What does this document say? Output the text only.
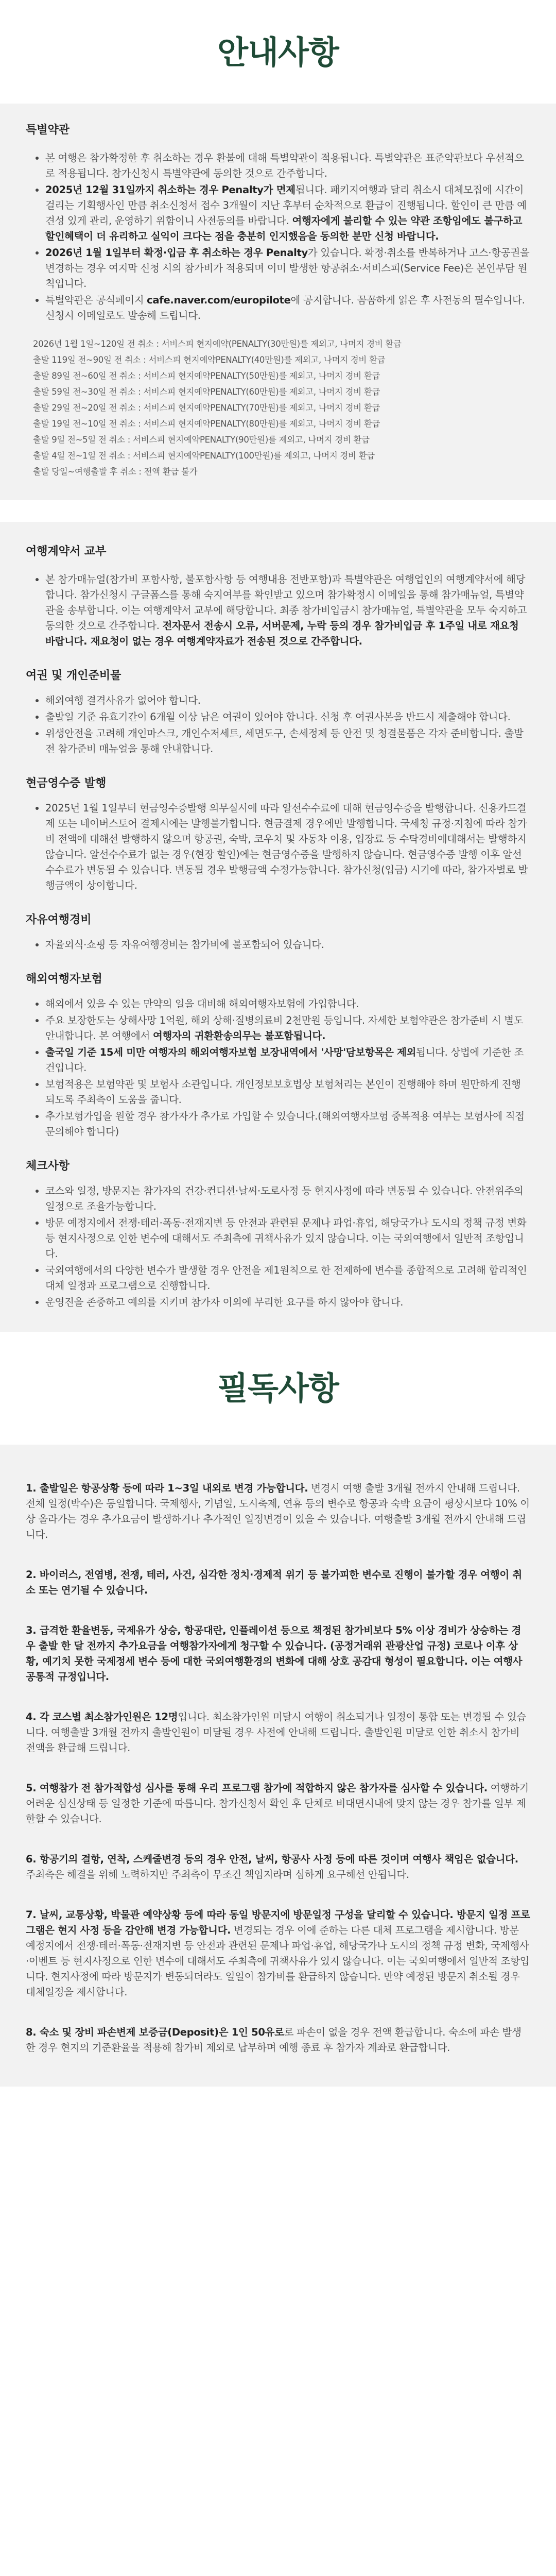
안내사항
특별약관
• 본 여행은 참가확정한 후 취소하는 경우 환불에 대해 특별약관이 적용됩니다. 특별약관은 표준약관보다 우선적으로 적용됩니다. 참가신청시 특별약관에 동의한 것으로 간주합니다.
• 2025년 12월 31일까지 취소하는 경우 Penalty가 면제됩니다. 패키지여행과 달리 취소시 대체모집에 시간이 걸리는 기획행사인 만큼 취소신청서 접수 3개월이 지난 후부터 순차적으로 환급이 진행됩니다. 할인이 큰 만큼 예견성 있게 관리, 운영하기 위함이니 사전동의를 바랍니다. 여행자에게 불리할 수 있는 약관 조항임에도 불구하고 할인혜택이 더 유리하고 실익이 크다는 점을 충분히 인지했음을 동의한 분만 신청 바랍니다.
• 2026년 1월 1일부터 확정·입금 후 취소하는 경우 Penalty가 있습니다. 확정·취소를 반복하거나 고스·항공권을 변경하는 경우 여지막 신청 시의 참가비가 적용되며 이미 발생한 항공취소·서비스피(Service Fee)은 본인부담 원칙입니다.
• 특별약관은 공식페이지 cafe.naver.com/europilote에 공지합니다. 꼼꼼하게 읽은 후 사전동의 필수입니다. 신청시 이메일로도 발송해 드립니다.
2026년 1월 1일~120일 전 취소 : 서비스피 현지예약(PENALTY(30만원)를 제외고, 나머지 경비 환급
출발 119일 전~90일 전 취소 : 서비스피 현지예약PENALTY(40만원)를 제외고, 나머지 경비 환급
출발 89일 전~60일 전 취소 : 서비스피 현지예약PENALTY(50만원)를 제외고, 나머지 경비 환급
출발 59일 전~30일 전 취소 : 서비스피 현지예약PENALTY(60만원)를 제외고, 나머지 경비 환급
출발 29일 전~20일 전 취소 : 서비스피 현지예약PENALTY(70만원)를 제외고, 나머지 경비 환급
출발 19일 전~10일 전 취소 : 서비스피 현지예약PENALTY(80만원)를 제외고, 나머지 경비 환급
출발 9일 전~5일 전 취소 : 서비스피 현지예약PENALTY(90만원)를 제외고, 나머지 경비 환급
출발 4일 전~1일 전 취소 : 서비스피 현지예약PENALTY(100만원)를 제외고, 나머지 경비 환급
출발 당일~여행출발 후 취소 : 전액 환급 불가
여행계약서 교부
• 본 참가매뉴얼(참가비 포함사항, 불포함사항 등 여행내용 전반포함)과 특별약관은 여행업인의 여행계약서에 해당합니다. 참가신청시 구글폼스를 통해 숙지여부를 확인받고 있으며 참가확정시 이메일을 통해 참가매뉴얼, 특별약관을 송부합니다. 이는 여행계약서 교부에 해당합니다. 최종 참가비입금시 참가매뉴얼, 특별약관을 모두 숙지하고 동의한 것으로 간주합니다. 전자문서 전송시 오류, 서버문제, 누락 등의 경우 참가비입금 후 1주일 내로 재요청 바랍니다. 재요청이 없는 경우 여행계약자료가 전송된 것으로 간주합니다.
여권 및 개인준비물
• 해외여행 결격사유가 없어야 합니다.
• 출발일 기준 유효기간이 6개월 이상 남은 여권이 있어야 합니다. 신청 후 여권사본을 반드시 제출해야 합니다.
• 위생안전을 고려해 개인마스크, 개인수저세트, 세면도구, 손세정제 등 안전 및 청결물품은 각자 준비합니다. 출발 전 참가준비 매뉴얼을 통해 안내합니다.
현금영수증 발행
• 2025년 1월 1일부터 현금영수증발행 의무실시에 따라 알선수수료에 대해 현금영수증을 발행합니다. 신용카드결제 또는 네이버스토어 결제시에는 발행불가합니다. 현금결제 경우에만 발행합니다. 국세청 규정·지침에 따라 참가비 전액에 대해선 발행하지 않으며 항공권, 숙박, 코우치 및 자동차 이용, 입장료 등 수탁경비에대해서는 발행하지 않습니다. 알선수수료가 없는 경우(현장 할인)에는 현금영수증을 발행하지 않습니다. 현금영수증 발행 이후 알선수수료가 변동될 수 있습니다. 변동될 경우 발행금액 수정가능합니다. 참가신청(입금) 시기에 따라, 참가자별로 발행금액이 상이합니다.
자유여행경비
• 자율외식·쇼핑 등 자유여행경비는 참가비에 불포함되어 있습니다.
해외여행자보험
• 해외에서 있을 수 있는 만약의 일을 대비해 해외여행자보험에 가입합니다.
• 주요 보장한도는 상해사망 1억원, 해외 상해·질병의료비 2천만원 등입니다. 자세한 보험약관은 참가준비 시 별도 안내합니다. 본 여행에서 여행자의 귀환환송의무는 불포함됩니다.
• 출국일 기준 15세 미만 여행자의 해외여행자보험 보장내역에서 '사망'담보항목은 제외됩니다. 상법에 기준한 조건입니다.
• 보험적용은 보험약관 및 보험사 소관입니다. 개인정보보호법상 보험처리는 본인이 진행해야 하며 원만하게 진행되도록 주최측이 도움을 줍니다.
• 추가보험가입을 원할 경우 참가자가 추가로 가입할 수 있습니다.(해외여행자보험 중복적용 여부는 보험사에 직접 문의해야 합니다)
체크사항
• 코스와 일정, 방문지는 참가자의 건강·컨디션·날씨·도로사정 등 현지사정에 따라 변동될 수 있습니다. 안전위주의 일정으로 조율가능합니다.
• 방문 예정지에서 전쟁·테러·폭동·전재지변 등 안전과 관련된 문제나 파업·휴업, 해당국가나 도시의 정책 규정 변화 등 현지사정으로 인한 변수에 대해서도 주최측에 귀책사유가 있지 않습니다. 이는 국외여행에서 일반적 조항입니다.
• 국외여행에서의 다양한 변수가 발생할 경우 안전을 제1원칙으로 한 전제하에 변수를 종합적으로 고려해 합리적인 대체 일정과 프로그램으로 진행합니다.
• 운영진을 존중하고 예의를 지키며 참가자 이외에 무리한 요구를 하지 않아야 합니다.
필독사항

1. 출발일은 항공상황 등에 따라 1~3일 내외로 변경 가능합니다. 변경시 여행 출발 3개월 전까지 안내해 드립니다. 전체 일정(박수)은 동일합니다. 국제행사, 기념일, 도시축제, 연휴 등의 변수로 항공과 숙박 요금이 평상시보다 10% 이상 올라가는 경우 추가요금이 발생하거나 추가적인 일정변경이 있을 수 있습니다. 여행출발 3개월 전까지 안내해 드립니다.

2. 바이러스, 전염병, 전쟁, 테러, 사건, 심각한 정치·경제적 위기 등 불가피한 변수로 진행이 불가할 경우 여행이 취소 또는 연기될 수 있습니다.

3. 급격한 환율변동, 국제유가 상승, 항공대란, 인플레이션 등으로 책정된 참가비보다 5% 이상 경비가 상승하는 경우 출발 한 달 전까지 추가요금을 여행참가자에게 청구할 수 있습니다. (공정거래위 관광산업 규정) 코로나 이후 상황, 예기치 못한 국제정세 변수 등에 대한 국외여행환경의 변화에 대해 상호 공감대 형성이 필요합니다. 이는 여행사 공통적 규정입니다.

4. 각 코스별 최소참가인원은 12명입니다. 최소참가인원 미달시 여행이 취소되거나 일정이 통합 또는 변경될 수 있습니다. 여행출발 3개월 전까지 출발인원이 미달될 경우 사전에 안내해 드립니다. 출발인원 미달로 인한 취소시 참가비 전액을 환급해 드립니다.

5. 여행참가 전 참가적합성 심사를 통해 우리 프로그램 참가에 적합하지 않은 참가자를 심사할 수 있습니다. 여행하기 어려운 심신상태 등 일정한 기준에 따릅니다. 참가신청서 확인 후 단체로 비대면시내에 맞지 않는 경우 참가를 일부 제한할 수 있습니다.

6. 항공기의 결항, 연착, 스케줄변경 등의 경우 안전, 날씨, 항공사 사정 등에 따른 것이며 여행사 책임은 없습니다. 주최측은 해결을 위해 노력하지만 주최측이 무조건 책임지라며 심하게 요구해선 안됩니다.

7. 날씨, 교통상황, 박물관 예약상황 등에 따라 동일 방문지에 방문일정 구성을 달리할 수 있습니다. 방문지 일정 프로그램은 현지 사정 등을 감안해 변경 가능합니다. 변경되는 경우 이에 준하는 다른 대체 프로그램을 제시합니다. 방문 예정지에서 전쟁·테러·폭동·전재지변 등 안전과 관련된 문제나 파업·휴업, 해당국가나 도시의 정책 규정 변화, 국제행사·이벤트 등 현지사정으로 인한 변수에 대해서도 주최측에 귀책사유가 있지 않습니다. 이는 국외여행에서 일반적 조항입니다. 현지사정에 따라 방문지가 변동되더라도 일일이 참가비를 환급하지 않습니다. 만약 예정된 방문지 취소될 경우 대체일정을 제시합니다.

8. 숙소 및 장비 파손변제 보증금(Deposit)은 1인 50유로로 파손이 없을 경우 전액 환급합니다. 숙소에 파손 발생한 경우 현지의 기준환율을 적용해 참가비 제외로 납부하며 예행 종료 후 참가자 계좌로 환급합니다.
